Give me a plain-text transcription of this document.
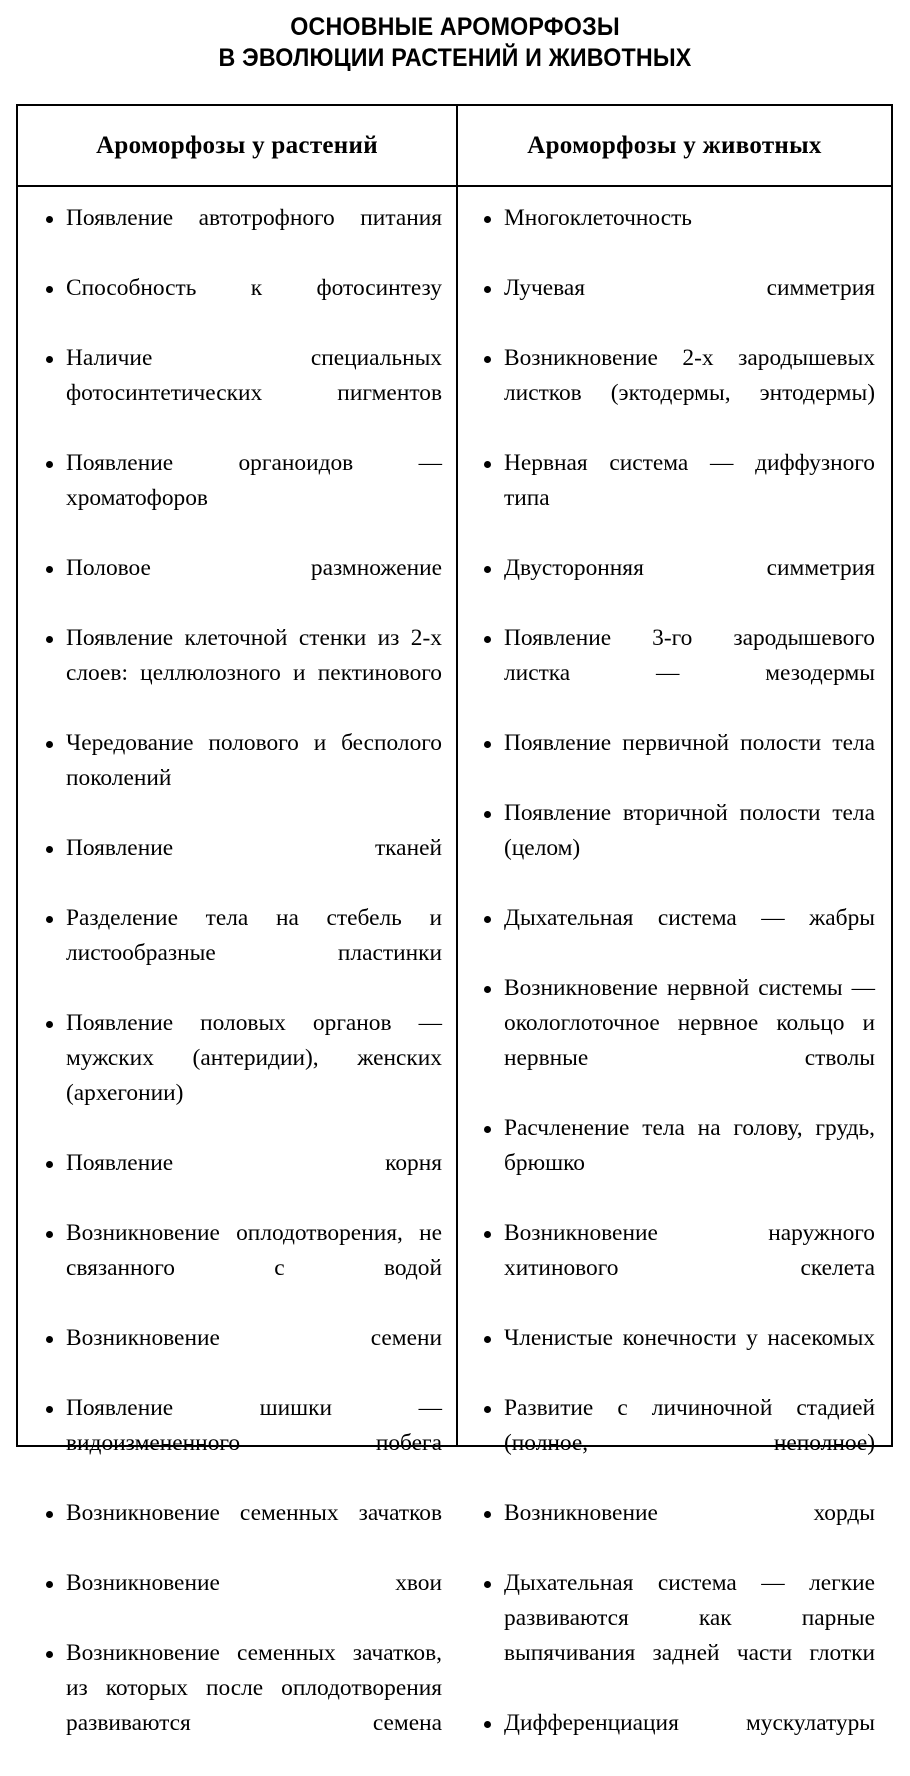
ОСНОВНЫЕ АРОМОРФОЗЫ
В ЭВОЛЮЦИИ РАСТЕНИЙ И ЖИВОТНЫХ
Ароморфозы у растений	Ароморфозы у животных
Появление автотрофного питания
Способность к фотосинтезу
Наличие специальных фотосинтетических пигментов
Появление органоидов — хроматофоров
Половое размножение
Появление клеточной стенки из 2-х слоев: целлюлозного и пектинового
Чередование полового и бесполого поколений
Появление тканей
Разделение тела на стебель и листообразные пластинки
Появление половых органов — мужских (антеридии), женских (архегонии)
Появление корня
Возникновение оплодотворения, не связанного с водой
Возникновение семени
Появление шишки — видоизмененного побега
Возникновение семенных зачатков
Возникновение хвои
Возникновение семенных зачатков, из которых после оплодотворения развиваются семена
Многоклеточность
Лучевая симметрия
Возникновение 2-х зародышевых листков (эктодермы, энтодермы)
Нервная система — диффузного типа
Двусторонняя симметрия
Появление 3-го зародышевого листка — мезодермы
Появление первичной полости тела
Появление вторичной полости тела (целом)
Дыхательная система — жабры
Возникновение нервной системы — окологлоточное нервное кольцо и нервные стволы
Расчленение тела на голову, грудь, брюшко
Возникновение наружного хитинового скелета
Членистые конечности у насекомых
Развитие с личиночной стадией (полное, неполное)
Возникновение хорды
Дыхательная система — легкие развиваются как парные выпячивания задней части глотки
Дифференциация мускулатуры
